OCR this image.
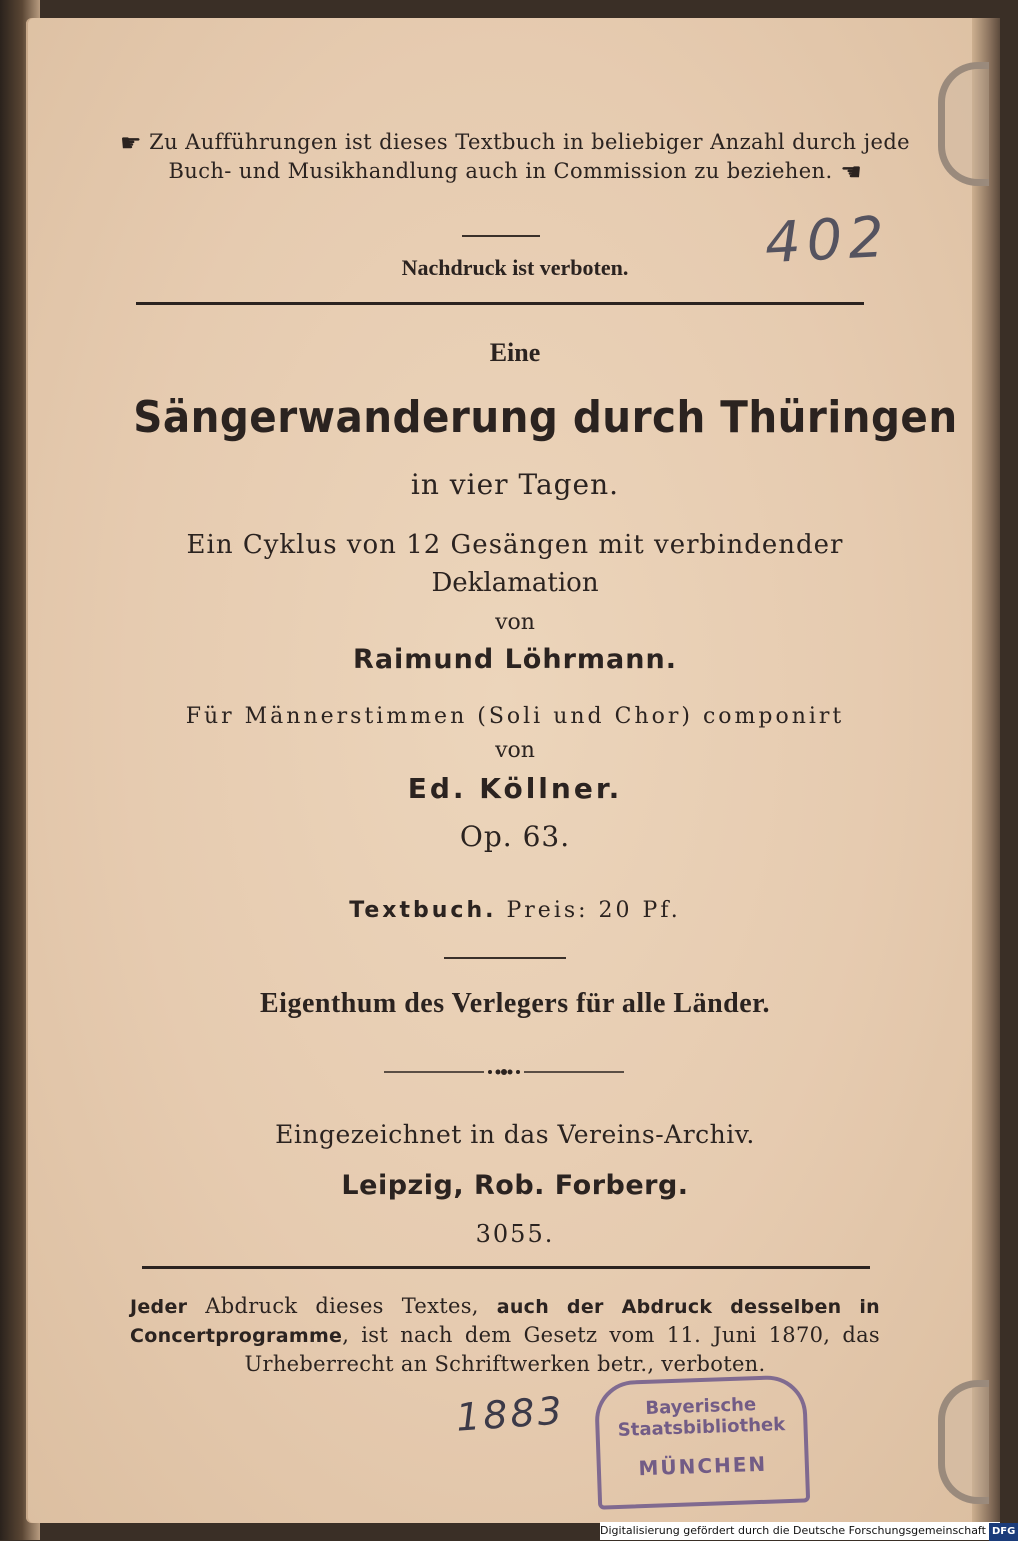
☛ Zu Aufführungen ist dieses Textbuch in beliebiger Anzahl durch jede Buch- und Musikhandlung auch in Commission zu beziehen. ☛
Nachdruck ist verboten.
Eine
Sängerwanderung durch Thüringen
in vier Tagen.
Ein Cyklus von 12 Gesängen mit verbindender
Deklamation
von
Raimund Löhrmann.
Für Männerstimmen (Soli und Chor) componirt
von
Ed. Köllner.
Op. 63.
Textbuch. Preis: 20 Pf.
Eigenthum des Verlegers für alle Länder.
Eingezeichnet in das Vereins-Archiv.
Leipzig, Rob. Forberg.
3055.
Jeder Abdruck dieses Textes, auch der Abdruck desselben in Concertprogramme, ist nach dem Gesetz vom 11. Juni 1870, das Urheberrecht an Schriftwerken betr., verboten.
402
1883	Bayerische
Staatsbibliothek
MÜNCHEN
Digitalisierung gefördert durch die Deutsche Forschungsgemeinschaft DFG
